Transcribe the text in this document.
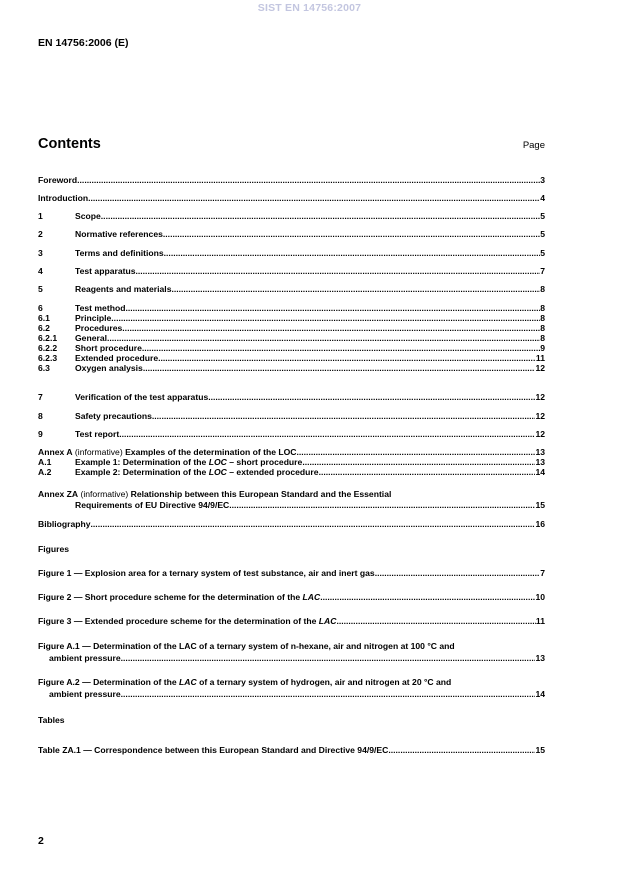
SIST EN 14756:2007
EN 14756:2006 (E)
Contents	Page
Foreword .....	3
Introduction .....	4
1	Scope .....	5
2	Normative references .....	5
3	Terms and definitions .....	5
4	Test apparatus .....	7
5	Reagents and materials .....	8
6	Test method .....	8
6.1	Principle .....	8
6.2	Procedures .....	8
6.2.1	General .....	8
6.2.2	Short procedure .....	9
6.2.3	Extended procedure .....	11
6.3	Oxygen analysis .....	12
7	Verification of the test apparatus .....	12
8	Safety precautions .....	12
9	Test report .....	12
Annex A (informative) Examples of the determination of the LOC .....	13
A.1	Example 1: Determination of the LOC – short procedure .....	13
A.2	Example 2: Determination of the LOC – extended procedure .....	14
Annex ZA (informative) Relationship between this European Standard and the Essential
Requirements of EU Directive 94/9/EC .....	15
Bibliography .....	16
Figures
Figure 1 — Explosion area for a ternary system of test substance, air and inert gas .....	7
Figure 2 — Short procedure scheme for the determination of the LAC .....	10
Figure 3 — Extended procedure scheme for the determination of the LAC .....	11
Figure A.1 — Determination of the LAC of a ternary system of n-hexane, air and nitrogen at 100 °C and
ambient pressure .....	13
Figure A.2 — Determination of the LAC of a ternary system of hydrogen, air and nitrogen at 20 °C and
ambient pressure .....	14
Tables
Table ZA.1 — Correspondence between this European Standard and Directive 94/9/EC .....	15
2
